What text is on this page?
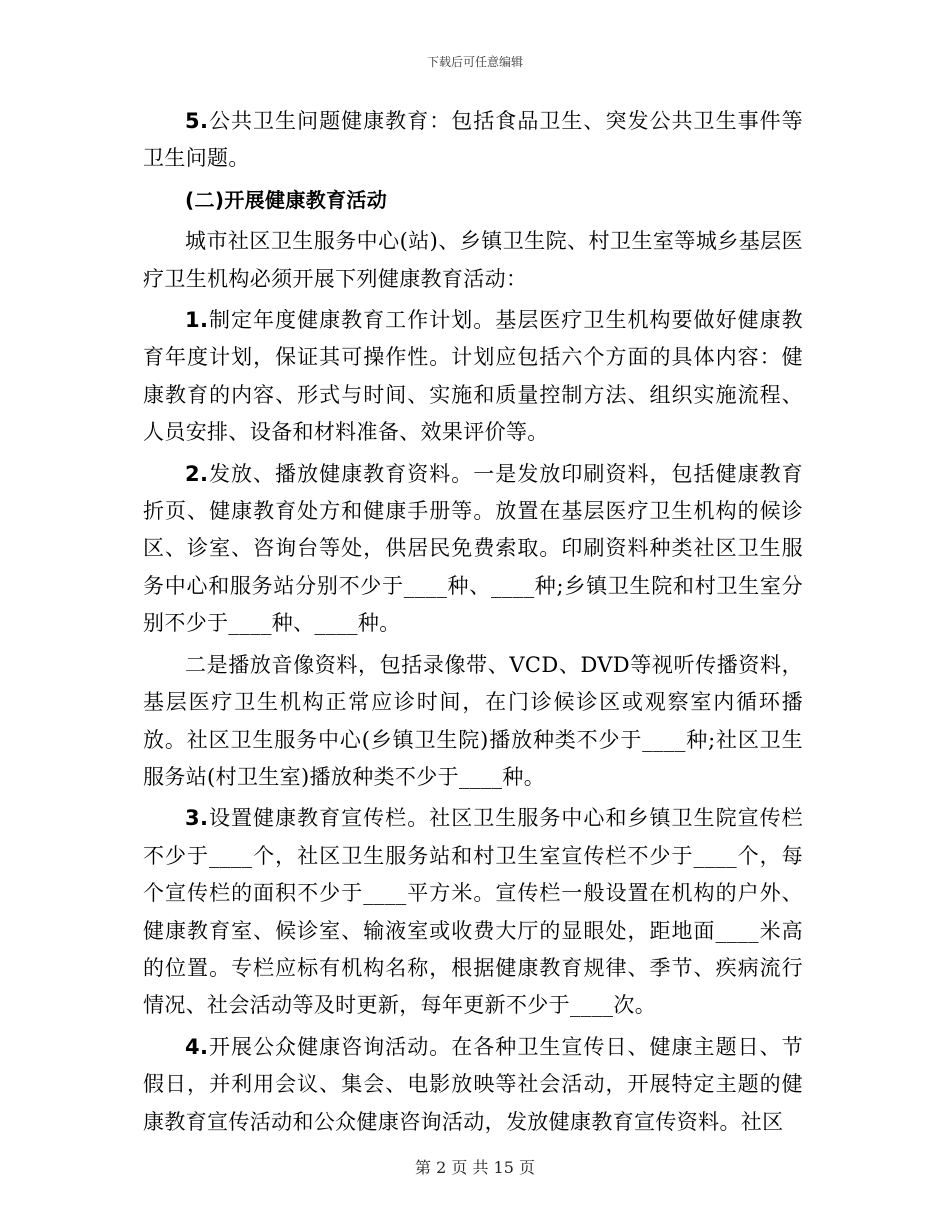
下载后可任意编辑

5.公共卫生问题健康教育：包括食品卫生、突发公共卫生事件等卫生问题。

(二)开展健康教育活动

城市社区卫生服务中心(站)、乡镇卫生院、村卫生室等城乡基层医疗卫生机构必须开展下列健康教育活动：

1.制定年度健康教育工作计划。基层医疗卫生机构要做好健康教育年度计划，保证其可操作性。计划应包括六个方面的具体内容：健康教育的内容、形式与时间、实施和质量控制方法、组织实施流程、人员安排、设备和材料准备、效果评价等。

2.发放、播放健康教育资料。一是发放印刷资料，包括健康教育折页、健康教育处方和健康手册等。放置在基层医疗卫生机构的候诊区、诊室、咨询台等处，供居民免费索取。印刷资料种类社区卫生服务中心和服务站分别不少于____种、____种;乡镇卫生院和村卫生室分别不少于____种、____种。

二是播放音像资料，包括录像带、VCD、DVD等视听传播资料，基层医疗卫生机构正常应诊时间，在门诊候诊区或观察室内循环播放。社区卫生服务中心(乡镇卫生院)播放种类不少于____种;社区卫生服务站(村卫生室)播放种类不少于____种。

3.设置健康教育宣传栏。社区卫生服务中心和乡镇卫生院宣传栏不少于____个，社区卫生服务站和村卫生室宣传栏不少于____个，每个宣传栏的面积不少于____平方米。宣传栏一般设置在机构的户外、健康教育室、候诊室、输液室或收费大厅的显眼处，距地面____米高的位置。专栏应标有机构名称，根据健康教育规律、季节、疾病流行情况、社会活动等及时更新，每年更新不少于____次。

4.开展公众健康咨询活动。在各种卫生宣传日、健康主题日、节假日，并利用会议、集会、电影放映等社会活动，开展特定主题的健康教育宣传活动和公众健康咨询活动，发放健康教育宣传资料。社区

第 2 页 共 15 页
